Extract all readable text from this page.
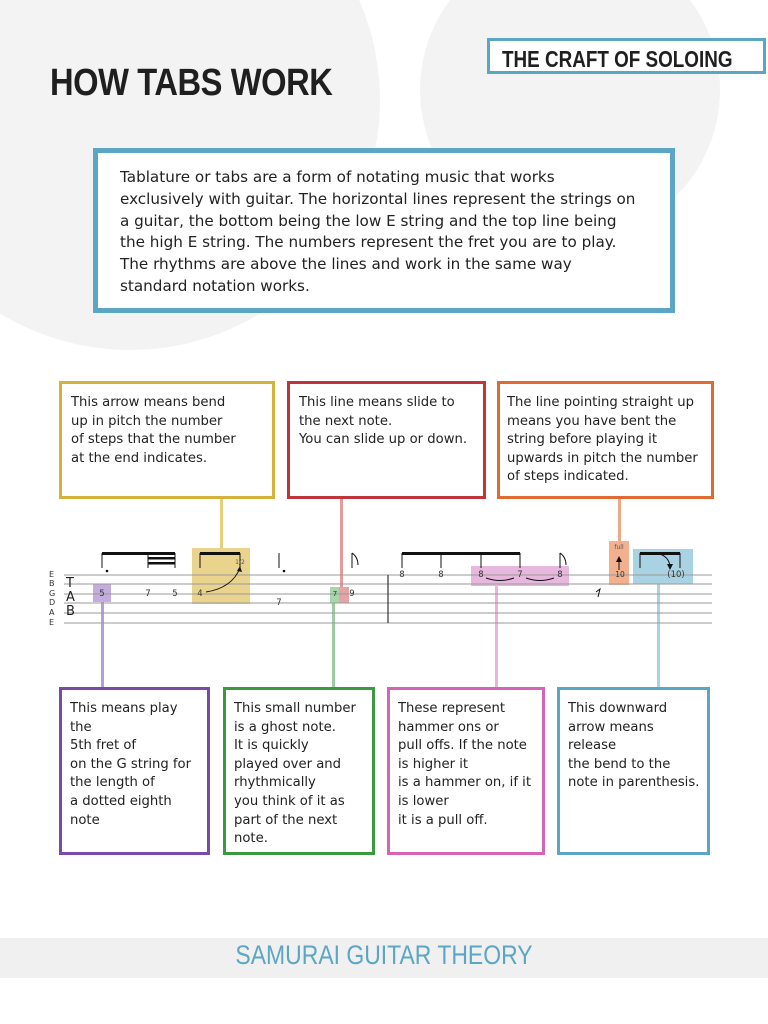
THE CRAFT OF SOLOING
HOW TABS WORK

Tablature or tabs are a form of notating music that works exclusively with guitar. The horizontal lines represent the strings on a guitar, the bottom being the low E string and the top line being the high E string. The numbers represent the fret you are to play. The rhythms are above the lines and work in the same way standard notation works.

This arrow means bend
up in pitch the number
of steps that the number
at the end indicates.

This line means slide to
the next note.
You can slide up or down.

The line pointing straight up
means you have bent the
string before playing it
upwards in pitch the number
of steps indicated.

E
B
G
D
A
E
T
A
B
5	7	5 4
7
7 9
8	8	8	7	8	10	(10)
1/2
full

This means play the
5th fret of
on the G string for
the length of
a dotted eighth
note

This small number
is a ghost note.
It is quickly
played over and
rhythmically
you think of it as
part of the next
note.

These represent
hammer ons or
pull offs. If the note
is higher it
is a hammer on, if it
is lower
it is a pull off.

This downward
arrow means
release
the bend to the
note in parenthesis.

SAMURAI GUITAR THEORY
